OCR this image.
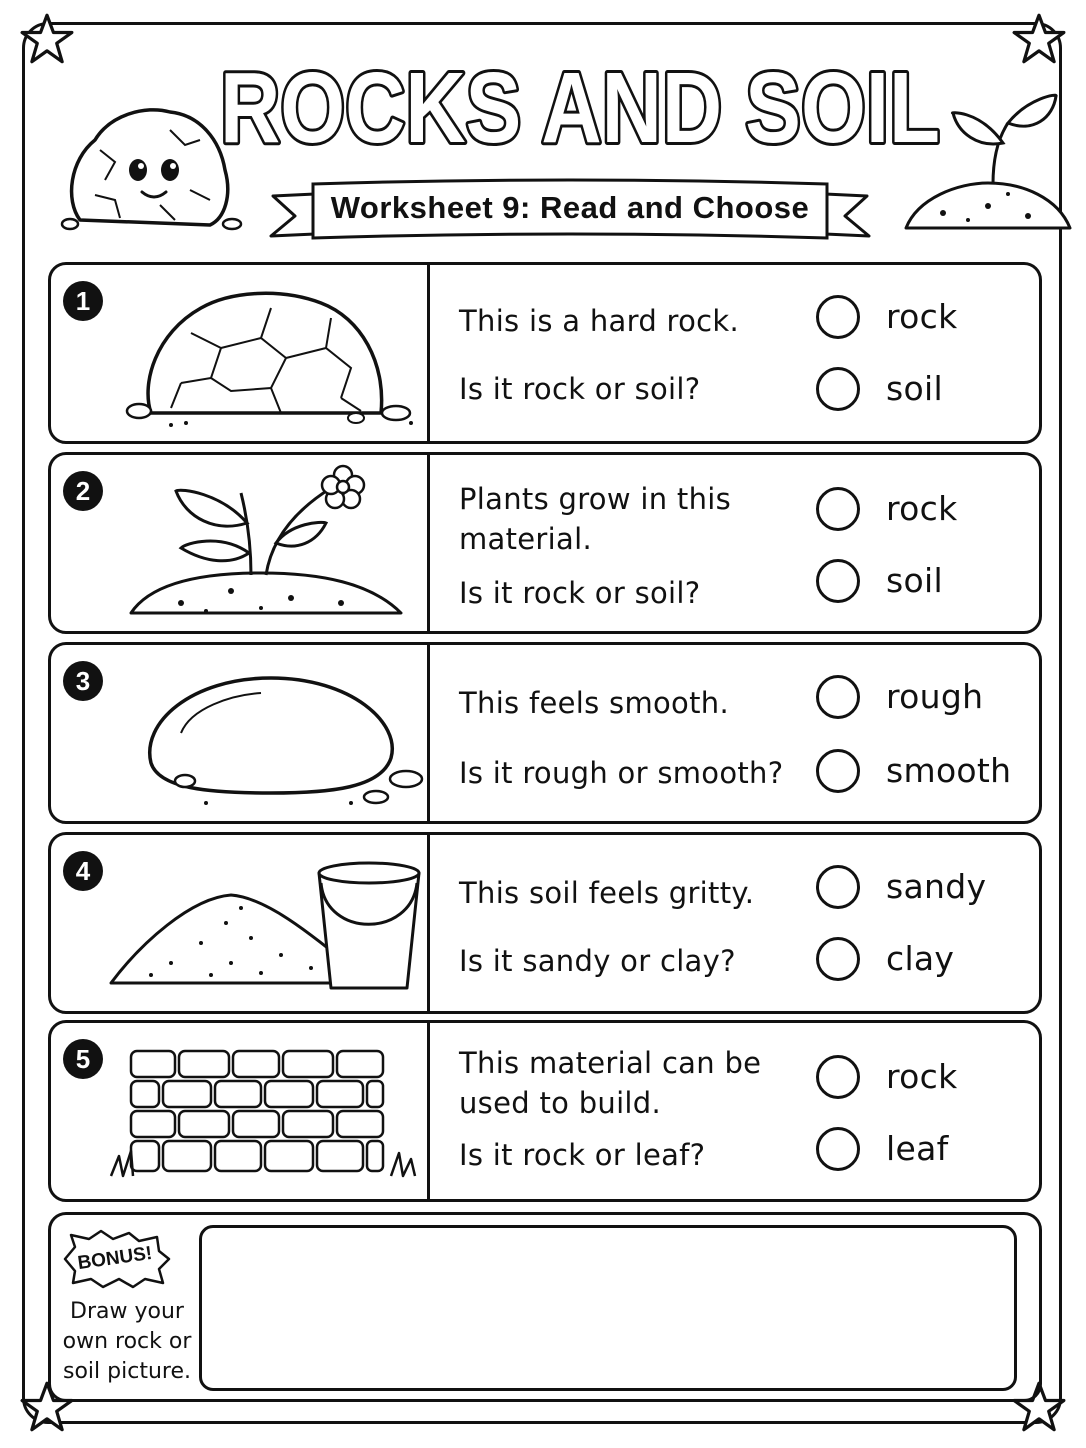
ROCKS AND SOIL
Worksheet 9: Read and Choose
1
This is a hard rock.
Is it rock or soil?
rock
soil
2	Plants grow in this material.
Is it rock or soil?
rock
soil
3
This feels smooth.
Is it rough or smooth?
rough
smooth
4
This soil feels gritty.
Is it sandy or clay?
sandy
clay
5	This material can be used to build.
Is it rock or leaf?
rock
leaf
BONUS!
Draw your own rock or soil picture.
